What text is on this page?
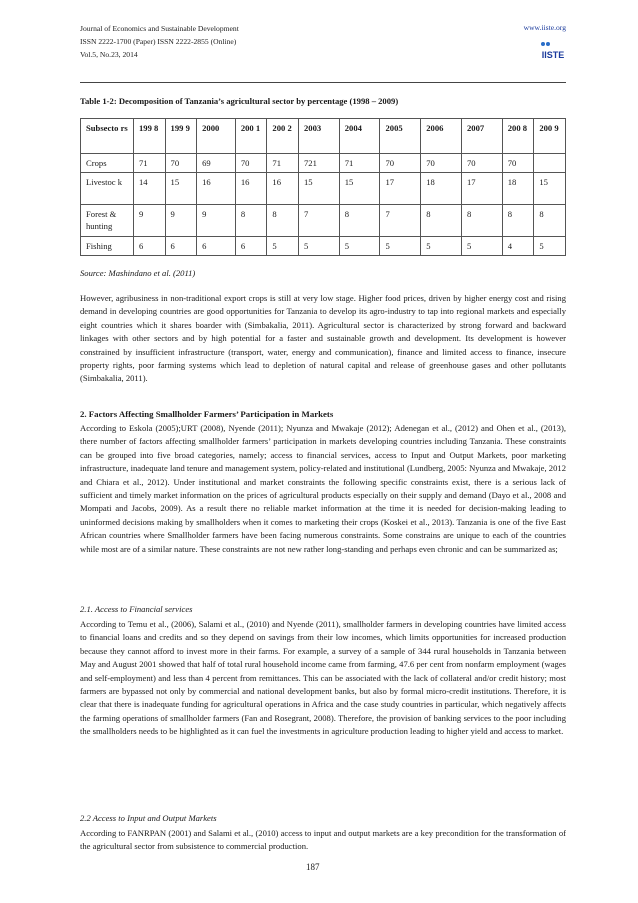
Journal of Economics and Sustainable Development
ISSN 2222-1700 (Paper) ISSN 2222-2855 (Online)
Vol.5, No.23, 2014
www.iiste.org
IISTE
Table 1-2: Decomposition of Tanzania’s agricultural sector by percentage (1998 – 2009)
Subsecto rs	199 8	199 9	2000	200 1	200 2	2003	2004	2005	2006	2007	200 8	200 9
Crops	71	70	69	70	71	721	71	70	70	70	70	
Livestoc k	14	15	16	16	16	15	15	17	18	17	18	15
Forest & hunting	9	9	9	8	8	7	8	7	8	8	8	8
Fishing	6	6	6	6	5	5	5	5	5	5	4	5
Source: Mashindano et al. (2011)

However, agribusiness in non-traditional export crops is still at very low stage. Higher food prices, driven by higher energy cost and rising demand in developing countries are good opportunities for Tanzania to develop its agro-industry to tap into regional markets and especially eight countries which it shares boarder with (Simbakalia, 2011). Agricultural sector is characterized by strong forward and backward linkages with other sectors and by high potential for a faster and sustainable growth and development. Its development is however constrained by insufficient infrastructure (transport, water, energy and communication), finance and limited access to finance, insecure property rights, poor farming systems which lead to depletion of natural capital and release of greenhouse gases and other pollutants (Simbakalia, 2011).

2. Factors Affecting Smallholder Farmers’ Participation in Markets

According to Eskola (2005);URT (2008), Nyende (2011); Nyunza and Mwakaje (2012); Adenegan et al., (2012) and Ohen et al., (2013), there number of factors affecting smallholder farmers’ participation in markets developing countries including Tanzania. These constraints can be grouped into five broad categories, namely; access to financial services, access to Input and Output Markets, poor marketing infrastructure, inadequate land tenure and management system, policy-related and institutional (Lundberg, 2005: Nyunza and Mwakaje, 2012 and Chiara et al., 2012). Under institutional and market constraints the following specific constraints exist, there is a serious lack of sufficient and timely market information on the prices of agricultural products especially on their supply and demand (Dayo et al., 2008 and Mompati and Jacobs, 2009). As a result there no reliable market information at the time it is needed for decision-making leading to uninformed decisions making by smallholders when it comes to marketing their crops (Koskei et al., 2013). Tanzania is one of the five East African countries where Smallholder farmers have been facing numerous constraints. Some constrains are unique to each of the countries while most are of a similar nature. These constraints are not new rather long-standing and perhaps even chronic and can be summarized as;

2.1. Access to Financial services

According to Temu et al., (2006), Salami et al., (2010) and Nyende (2011), smallholder farmers in developing countries have limited access to financial loans and credits and so they depend on savings from their low incomes, which limits opportunities for increased production because they cannot afford to invest more in their farms. For example, a survey of a sample of 344 rural households in Tanzania between May and August 2001 showed that half of total rural household income came from farming, 47.6 per cent from nonfarm employment (wages and self-employment) and less than 4 percent from remittances. This can be associated with the lack of collateral and/or credit history; most farmers are bypassed not only by commercial and national development banks, but also by formal micro-credit institutions. Therefore, it is clear that there is inadequate funding for agricultural operations in Africa and the case study countries in particular, which negatively affects the farming operations of smallholder farmers (Fan and Rosegrant, 2008). Therefore, the provision of banking services to the poor including the smallholders needs to be highlighted as it can fuel the investments in agriculture production leading to higher yield and access to market.

2.2 Access to Input and Output Markets

According to FANRPAN (2001) and Salami et al., (2010) access to input and output markets are a key precondition for the transformation of the agricultural sector from subsistence to commercial production.

187
